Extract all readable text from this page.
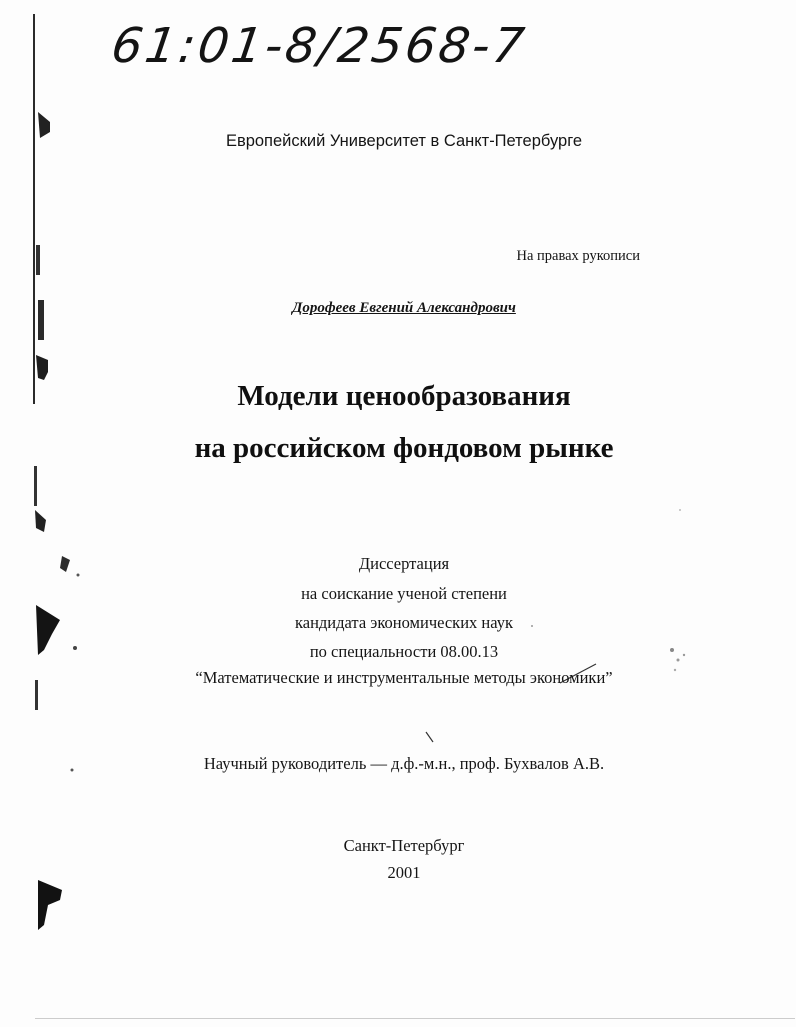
61:01-8/2568-7
Европейский Университет в Санкт-Петербурге
На правах рукописи
Дорофеев Евгений Александрович
Модели ценообразования
на российском фондовом рынке
Диссертация
на соискание ученой степени
кандидата экономических наук
по специальности 08.00.13
“Математические и инструментальные методы экономики”
Научный руководитель — д.ф.-м.н., проф. Бухвалов А.В.
Санкт-Петербург
2001
